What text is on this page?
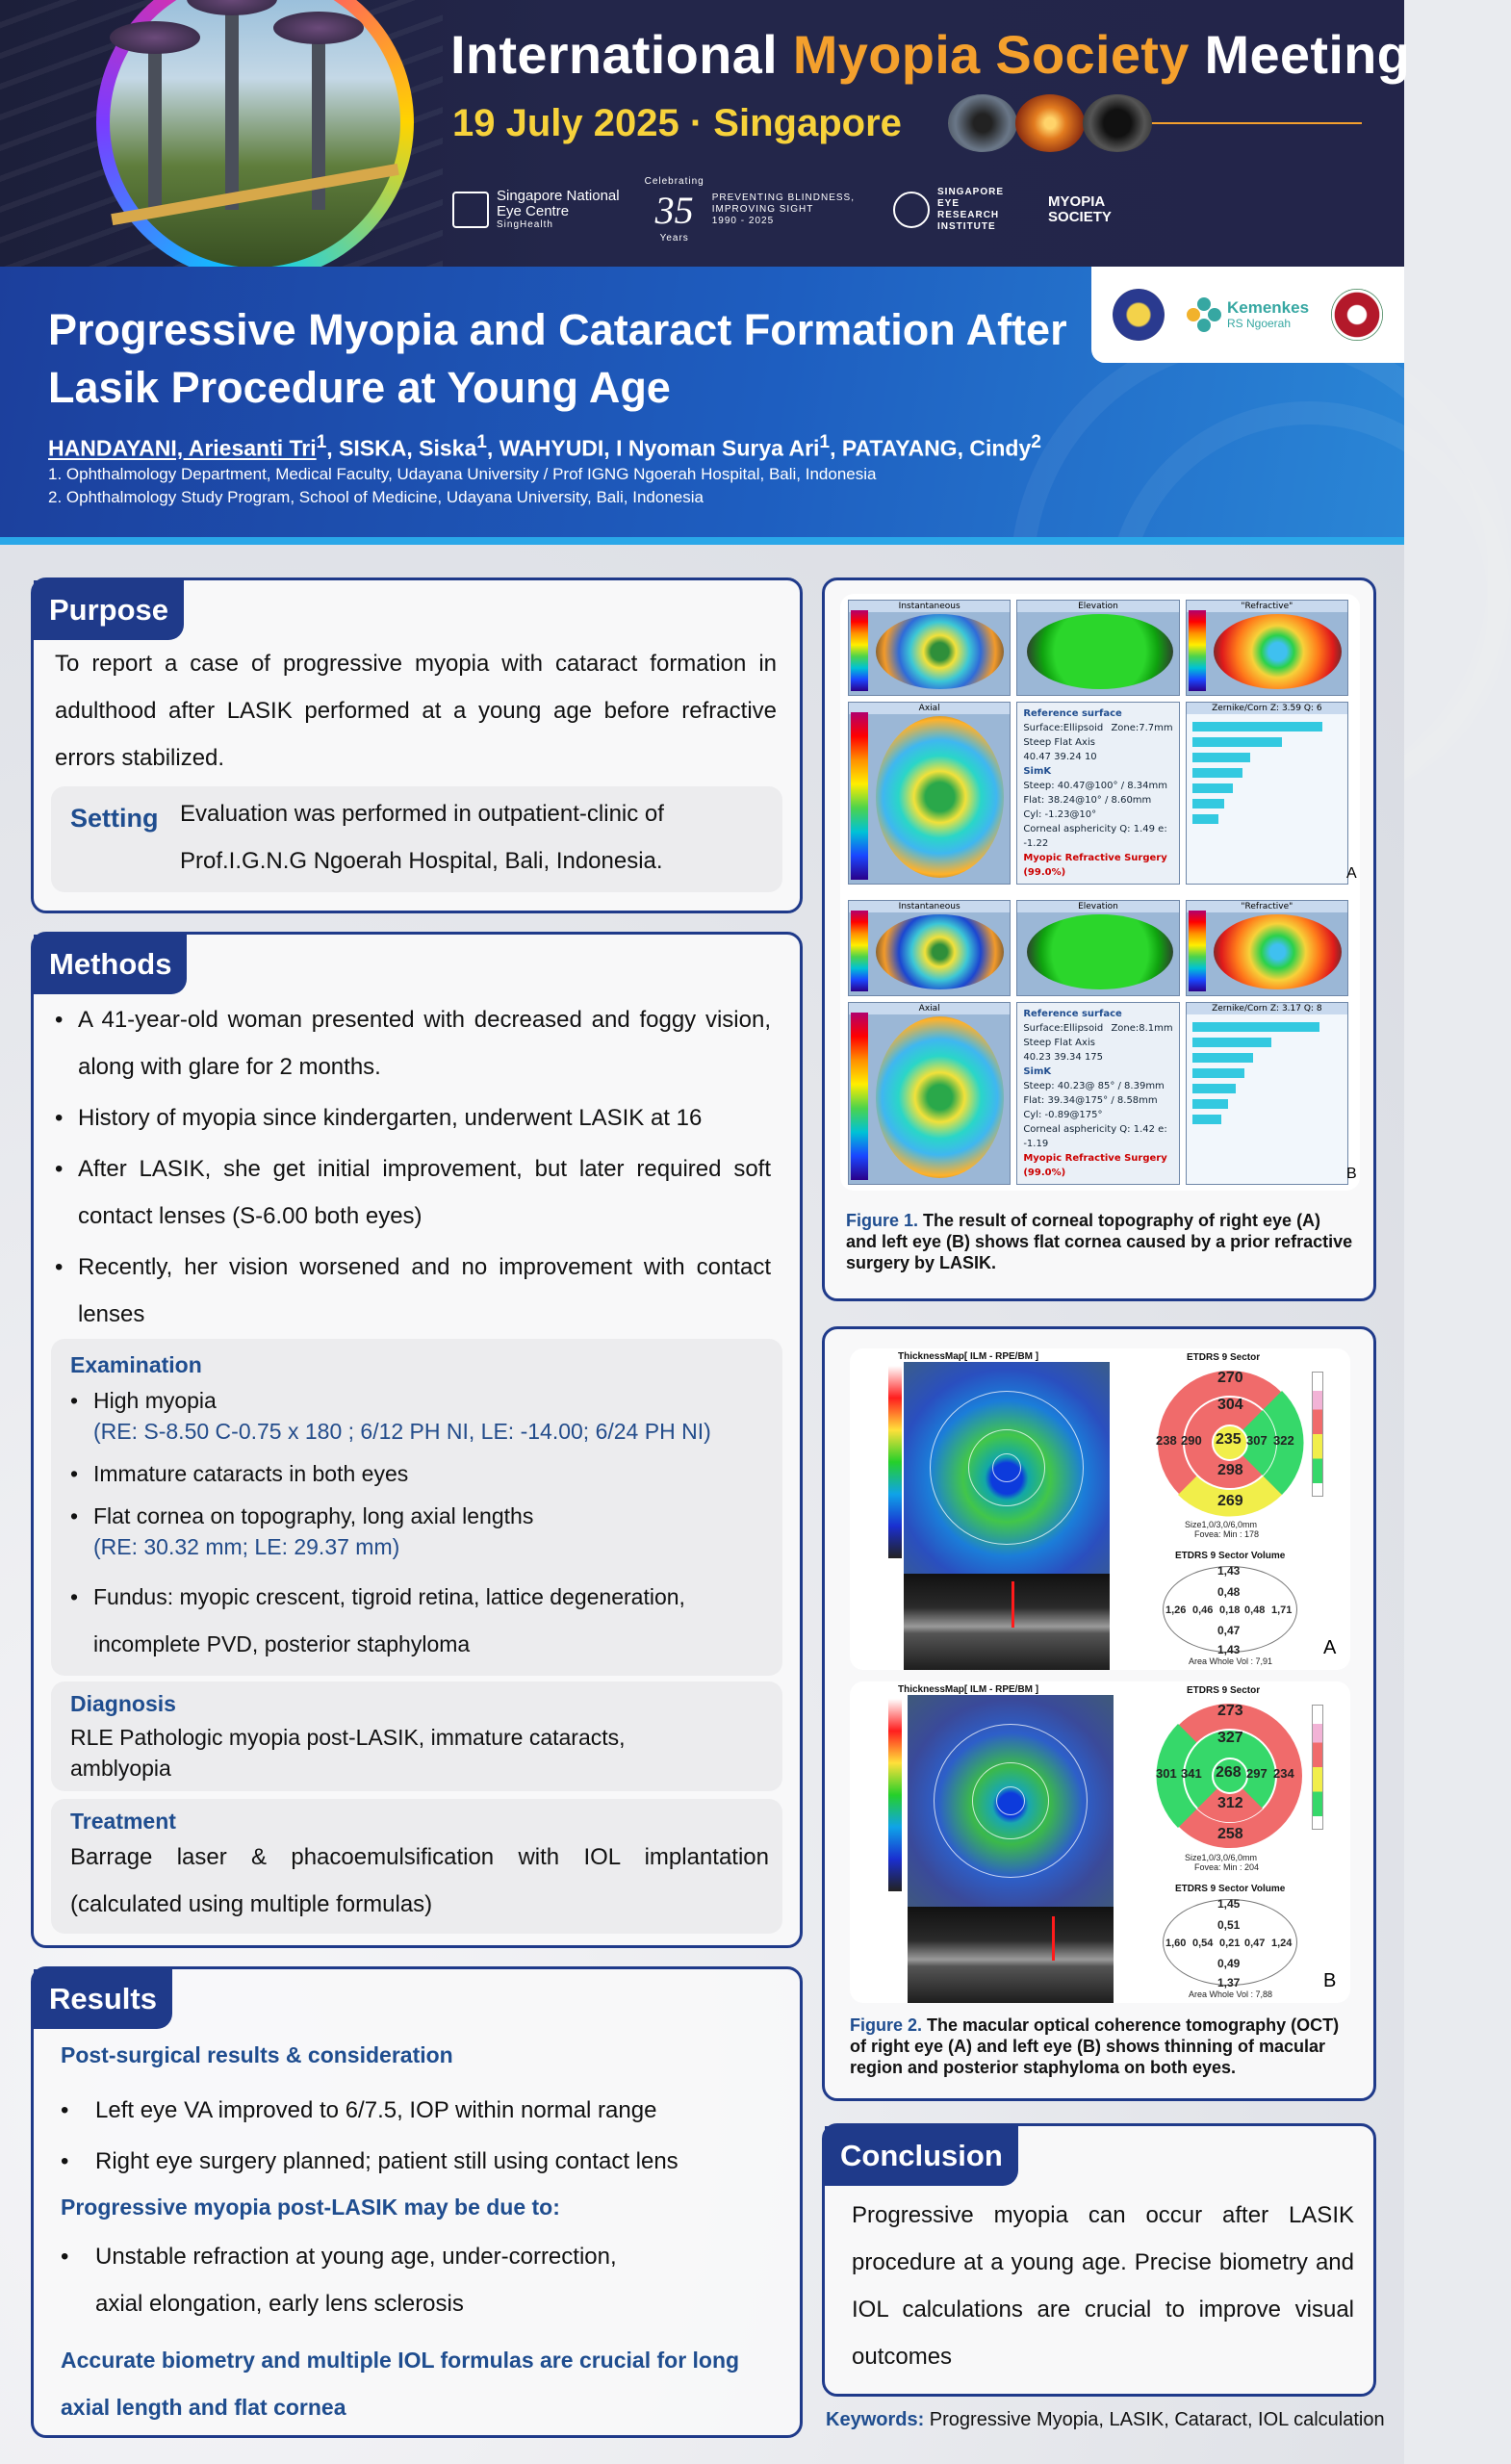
International Myopia Society Meeting
19 July 2025 · Singapore
Singapore National
Eye Centre
SingHealth
Celebrating
35
Years
PREVENTING BLINDNESS,
IMPROVING SIGHT
1990 - 2025
SINGAPORE
EYE
RESEARCH
INSTITUTE
MYOPIA
SOCIETY
Progressive Myopia and Cataract Formation After Lasik Procedure at Young Age
HANDAYANI, Ariesanti Tri$^1$, SISKA, Siska$^1$, WAHYUDI, I Nyoman Surya Ari$^1$, PATAYANG, Cindy$^2$
1. Ophthalmology Department, Medical Faculty, Udayana University / Prof IGNG Ngoerah Hospital, Bali, Indonesia
2. Ophthalmology Study Program, School of Medicine, Udayana University, Bali, Indonesia
Kemenkes
RS Ngoerah
Purpose
To report a case of progressive myopia with cataract formation in adulthood after LASIK performed at a young age before refractive errors stabilized.
Setting Evaluation was performed in outpatient-clinic of Prof.I.G.N.G Ngoerah Hospital, Bali, Indonesia.
Methods
• A 41-year-old woman presented with decreased and foggy vision, along with glare for 2 months.
• History of myopia since kindergarten, underwent LASIK at 16
• After LASIK, she get initial improvement, but later required soft contact lenses (S-6.00 both eyes)
• Recently, her vision worsened and no improvement with contact lenses
Examination
• High myopia
(RE: S-8.50 C-0.75 x 180 ; 6/12 PH NI, LE: -14.00; 6/24 PH NI)
• Immature cataracts in both eyes
• Flat cornea on topography, long axial lengths
(RE: 30.32 mm; LE: 29.37 mm)
• Fundus: myopic crescent, tigroid retina, lattice degeneration, incomplete PVD, posterior staphyloma
Diagnosis
RLE Pathologic myopia post-LASIK, immature cataracts, amblyopia
Treatment
Barrage laser & phacoemulsification with IOL implantation (calculated using multiple formulas)
Results
Post-surgical results & consideration
• Left eye VA improved to 6/7.5, IOP within normal range
• Right eye surgery planned; patient still using contact lens
Progressive myopia post-LASIK may be due to:
• Unstable refraction at young age, under-correction, axial elongation, early lens sclerosis
Accurate biometry and multiple IOL formulas are crucial for long axial length and flat cornea
Instantaneous	Elevation	"Refractive"
Axial	Reference surface
Surface:Ellipsoid Zone:7.7mm
Steep Flat Axis
40.47 39.24 10
SimK
Steep: 40.47@100° / 8.34mm
Flat: 38.24@10° / 8.60mm
Cyl: -1.23@10°
Corneal asphericity Q: 1.49 e: -1.22
Myopic Refractive Surgery (99.0%)
Zernike/Corn Z: 3.59 Q: 6
A
Instantaneous	Elevation	"Refractive"
Axial	Reference surface
Surface:Ellipsoid Zone:8.1mm
Steep Flat Axis
40.23 39.34 175
SimK
Steep: 40.23@ 85° / 8.39mm
Flat: 39.34@175° / 8.58mm
Cyl: -0.89@175°
Corneal asphericity Q: 1.42 e: -1.19
Myopic Refractive Surgery (99.0%)
Zernike/Corn Z: 3.17 Q: 8
B
Figure 1. The result of corneal topography of right eye (A) and left eye (B) shows flat cornea caused by a prior refractive surgery by LASIK.
ThicknessMap[ ILM - RPE/BM ]	ETDRS 9 Sector
270
304
238 290 235 307 322
298
269
Size1,0/3,0/6,0mm
Fovea: Min : 178
ETDRS 9 Sector Volume
1,43
0,48
1,26 0,46 0,18 0,48 1,71
0,47
1,43
Area Whole Vol : 7,91
A
ThicknessMap[ ILM - RPE/BM ]	ETDRS 9 Sector
273
327
301 341 268 297 234
312
258
Size1,0/3,0/6,0mm
Fovea: Min : 204
ETDRS 9 Sector Volume
1,45
0,51
1,60 0,54 0,21 0,47 1,24
0,49
1,37
Area Whole Vol : 7,88
B
Figure 2. The macular optical coherence tomography (OCT) of right eye (A) and left eye (B) shows thinning of macular region and posterior staphyloma on both eyes.
Conclusion
Progressive myopia can occur after LASIK procedure at a young age. Precise biometry and IOL calculations are crucial to improve visual outcomes
Keywords: Progressive Myopia, LASIK, Cataract, IOL calculation
